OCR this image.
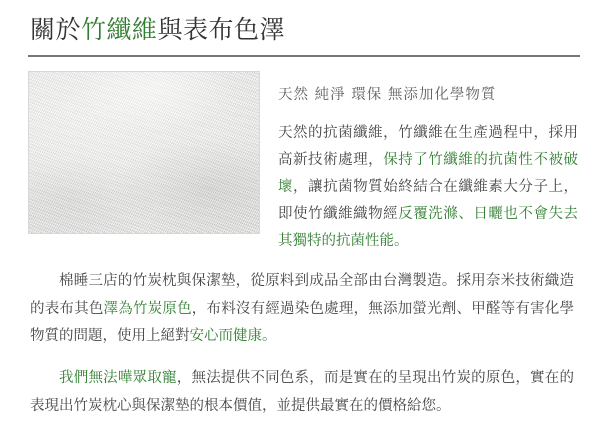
關於竹纖維與表布色澤
天然 純淨 環保 無添加化學物質
天然的抗菌纖維，竹纖維在生產過程中，採用高新技術處理，保持了竹纖維的抗菌性不被破壞，讓抗菌物質始終結合在纖維素大分子上，即使竹纖維織物經反覆洗滌、日曬也不會失去其獨特的抗菌性能。

棉睡三店的竹炭枕與保潔墊，從原料到成品全部由台灣製造。採用奈米技術織造的表布其色澤為竹炭原色，布料沒有經過染色處理，無添加螢光劑、甲醛等有害化學物質的問題，使用上絕對安心而健康。

我們無法嘩眾取寵，無法提供不同色系，而是實在的呈現出竹炭的原色，實在的表現出竹炭枕心與保潔墊的根本價值，並提供最實在的價格給您。
